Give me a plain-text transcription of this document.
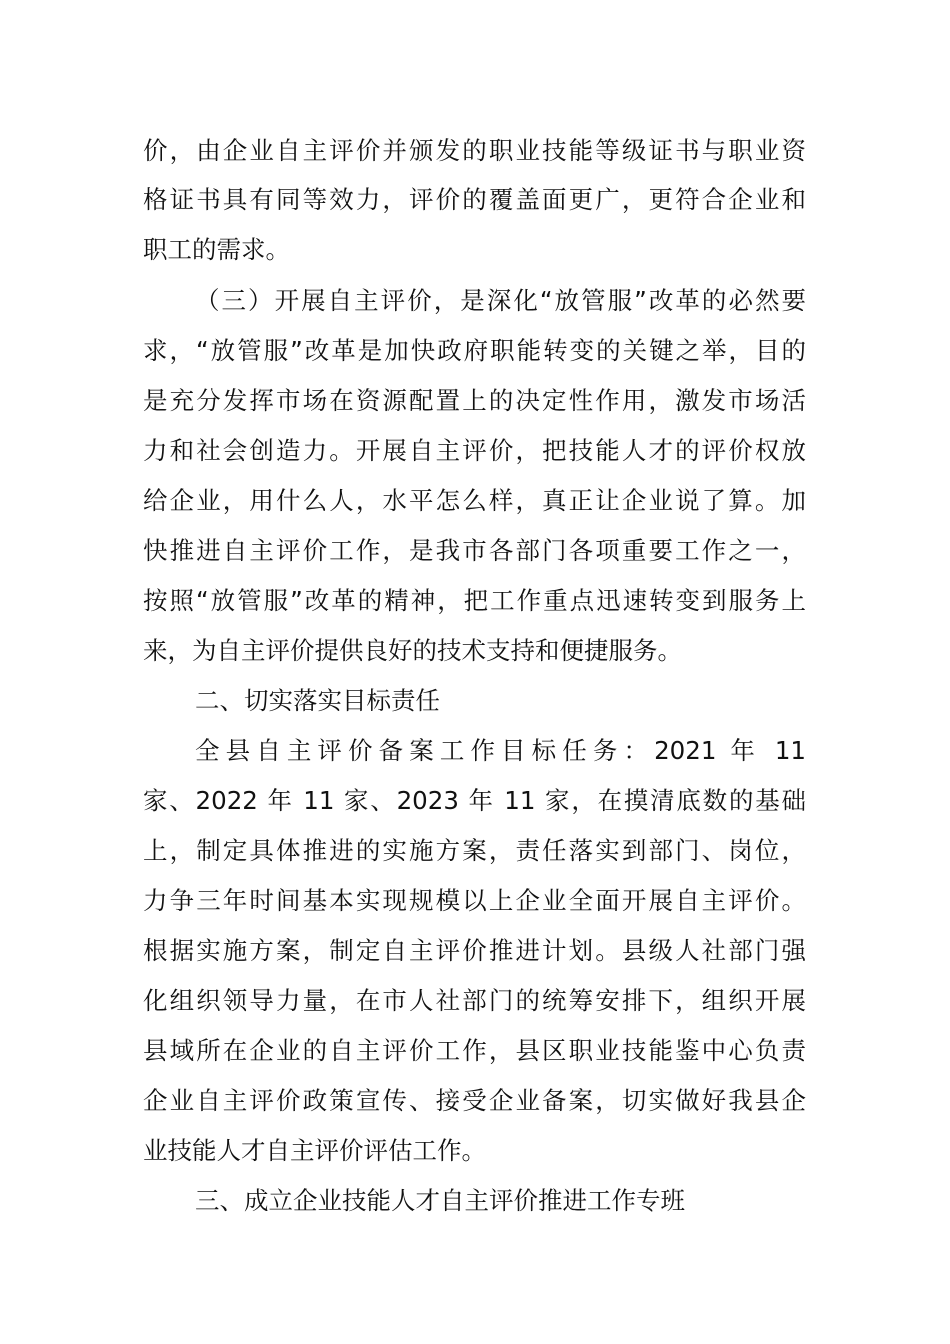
价，由企业自主评价并颁发的职业技能等级证书与职业资
格证书具有同等效力，评价的覆盖面更广，更符合企业和
职工的需求。
（三）开展自主评价，是深化“放管服”改革的必然要
求，“放管服”改革是加快政府职能转变的关键之举，目的
是充分发挥市场在资源配置上的决定性作用，激发市场活
力和社会创造力。开展自主评价，把技能人才的评价权放
给企业，用什么人，水平怎么样，真正让企业说了算。加
快推进自主评价工作，是我市各部门各项重要工作之一，
按照“放管服”改革的精神，把工作重点迅速转变到服务上
来，为自主评价提供良好的技术支持和便捷服务。
二、切实落实目标责任
全县自主评价备案工作目标任务：2021 年 11
家、2022 年 11 家、2023 年 11 家，在摸清底数的基础
上，制定具体推进的实施方案，责任落实到部门、岗位，
力争三年时间基本实现规模以上企业全面开展自主评价。
根据实施方案，制定自主评价推进计划。县级人社部门强
化组织领导力量，在市人社部门的统筹安排下，组织开展
县域所在企业的自主评价工作，县区职业技能鉴中心负责
企业自主评价政策宣传、接受企业备案，切实做好我县企
业技能人才自主评价评估工作。
三、成立企业技能人才自主评价推进工作专班
